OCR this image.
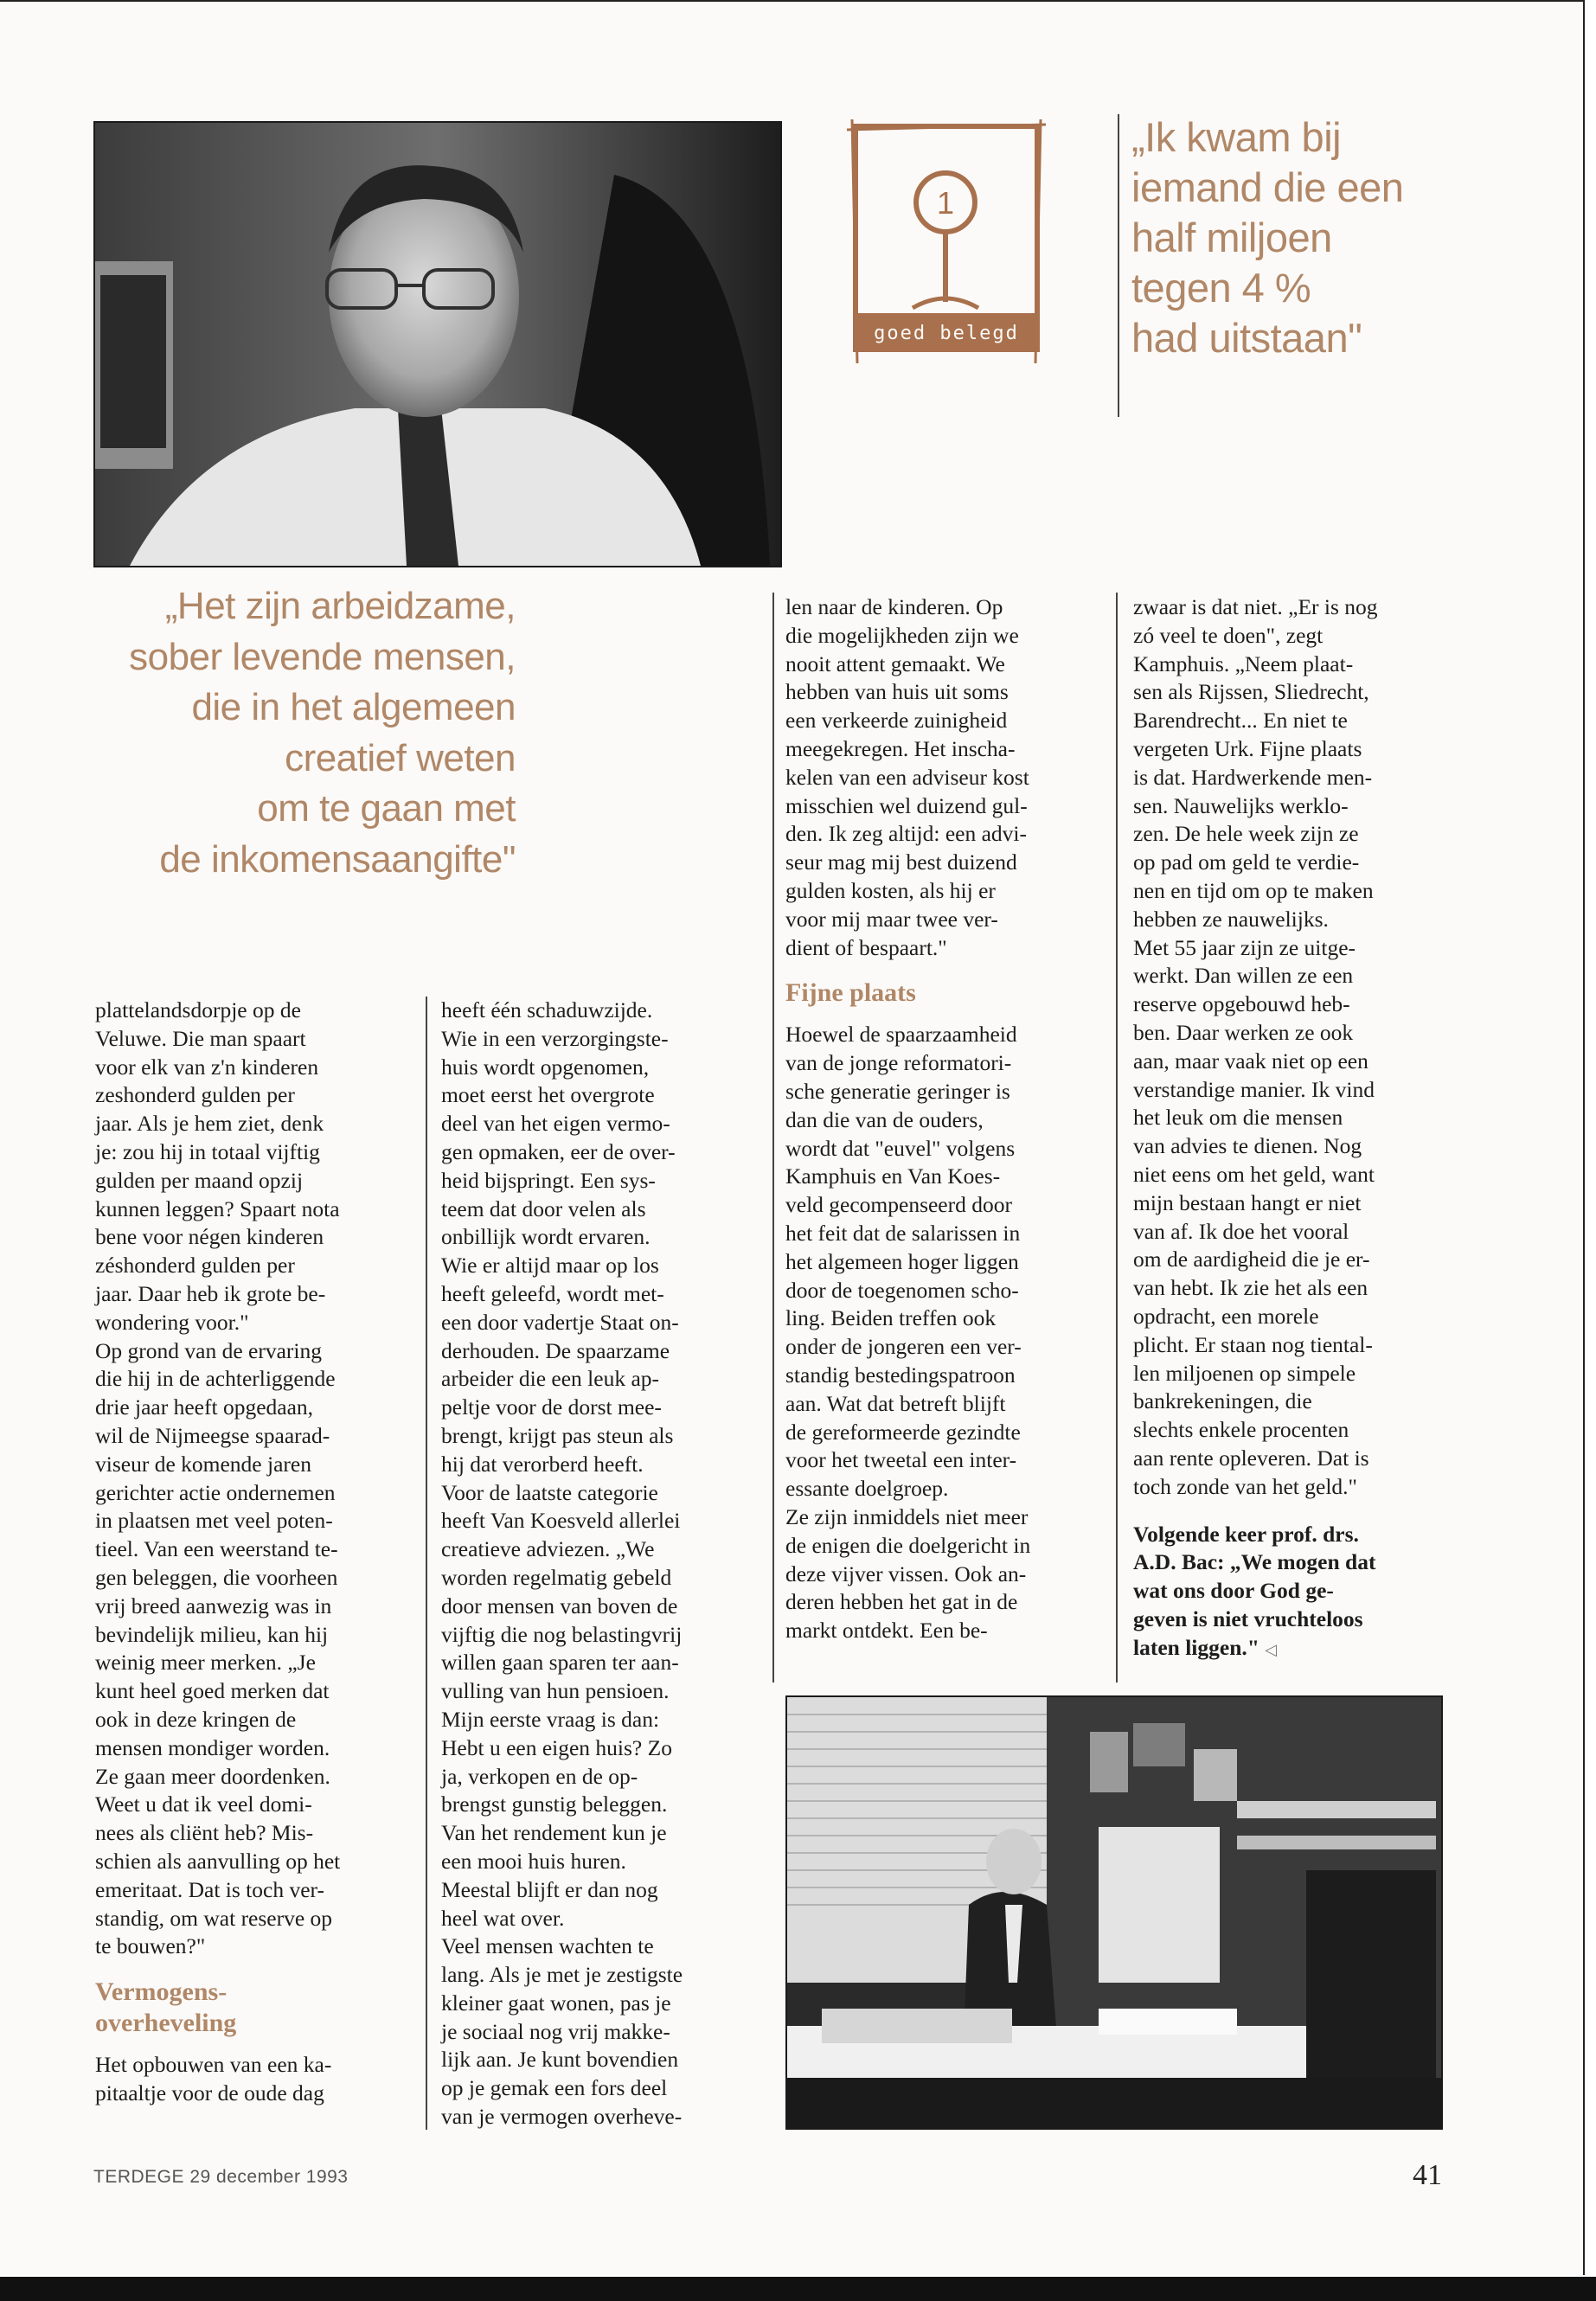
1
goed belegd

„Ik kwam bij

iemand die een

half miljoen

tegen 4 %

had uitstaan"

„Het zijn arbeidzame,

sober levende mensen,

die in het algemeen

creatief weten

om te gaan met

de inkomensaangifte"

plattelandsdorpje op de

Veluwe. Die man spaart

voor elk van z'n kinderen

zeshonderd gulden per

jaar. Als je hem ziet, denk

je: zou hij in totaal vijftig

gulden per maand opzij

kunnen leggen? Spaart nota

bene voor négen kinderen

zéshonderd gulden per

jaar. Daar heb ik grote be-

wondering voor."

Op grond van de ervaring

die hij in de achterliggende

drie jaar heeft opgedaan,

wil de Nijmeegse spaarad-

viseur de komende jaren

gerichter actie ondernemen

in plaatsen met veel poten-

tieel. Van een weerstand te-

gen beleggen, die voorheen

vrij breed aanwezig was in

bevindelijk milieu, kan hij

weinig meer merken. „Je

kunt heel goed merken dat

ook in deze kringen de

mensen mondiger worden.

Ze gaan meer doordenken.

Weet u dat ik veel domi-

nees als cliënt heb? Mis-

schien als aanvulling op het

emeritaat. Dat is toch ver-

standig, om wat reserve op

te bouwen?"

Vermogens-
overheveling

Het opbouwen van een ka-

pitaaltje voor de oude dag

heeft één schaduwzijde.

Wie in een verzorgingste-

huis wordt opgenomen,

moet eerst het overgrote

deel van het eigen vermo-

gen opmaken, eer de over-

heid bijspringt. Een sys-

teem dat door velen als

onbillijk wordt ervaren.

Wie er altijd maar op los

heeft geleefd, wordt met-

een door vadertje Staat on-

derhouden. De spaarzame

arbeider die een leuk ap-

peltje voor de dorst mee-

brengt, krijgt pas steun als

hij dat verorberd heeft.

Voor de laatste categorie

heeft Van Koesveld allerlei

creatieve adviezen. „We

worden regelmatig gebeld

door mensen van boven de

vijftig die nog belastingvrij

willen gaan sparen ter aan-

vulling van hun pensioen.

Mijn eerste vraag is dan:

Hebt u een eigen huis? Zo

ja, verkopen en de op-

brengst gunstig beleggen.

Van het rendement kun je

een mooi huis huren.

Meestal blijft er dan nog

heel wat over.

Veel mensen wachten te

lang. Als je met je zestigste

kleiner gaat wonen, pas je

je sociaal nog vrij makke-

lijk aan. Je kunt bovendien

op je gemak een fors deel

van je vermogen overheve-

len naar de kinderen. Op

die mogelijkheden zijn we

nooit attent gemaakt. We

hebben van huis uit soms

een verkeerde zuinigheid

meegekregen. Het inscha-

kelen van een adviseur kost

misschien wel duizend gul-

den. Ik zeg altijd: een advi-

seur mag mij best duizend

gulden kosten, als hij er

voor mij maar twee ver-

dient of bespaart."

Fijne plaats

Hoewel de spaarzaamheid

van de jonge reformatori-

sche generatie geringer is

dan die van de ouders,

wordt dat "euvel" volgens

Kamphuis en Van Koes-

veld gecompenseerd door

het feit dat de salarissen in

het algemeen hoger liggen

door de toegenomen scho-

ling. Beiden treffen ook

onder de jongeren een ver-

standig bestedingspatroon

aan. Wat dat betreft blijft

de gereformeerde gezindte

voor het tweetal een inter-

essante doelgroep.

Ze zijn inmiddels niet meer

de enigen die doelgericht in

deze vijver vissen. Ook an-

deren hebben het gat in de

markt ontdekt. Een be-

zwaar is dat niet. „Er is nog

zó veel te doen", zegt

Kamphuis. „Neem plaat-

sen als Rijssen, Sliedrecht,

Barendrecht... En niet te

vergeten Urk. Fijne plaats

is dat. Hardwerkende men-

sen. Nauwelijks werklo-

zen. De hele week zijn ze

op pad om geld te verdie-

nen en tijd om op te maken

hebben ze nauwelijks.

Met 55 jaar zijn ze uitge-

werkt. Dan willen ze een

reserve opgebouwd heb-

ben. Daar werken ze ook

aan, maar vaak niet op een

verstandige manier. Ik vind

het leuk om die mensen

van advies te dienen. Nog

niet eens om het geld, want

mijn bestaan hangt er niet

van af. Ik doe het vooral

om de aardigheid die je er-

van hebt. Ik zie het als een

opdracht, een morele

plicht. Er staan nog tiental-

len miljoenen op simpele

bankrekeningen, die

slechts enkele procenten

aan rente opleveren. Dat is

toch zonde van het geld."

Volgende keer prof. drs.

A.D. Bac: „We mogen dat

wat ons door God ge-

geven is niet vruchteloos

laten liggen." ◁

TERDEGE 29 december 1993	41
